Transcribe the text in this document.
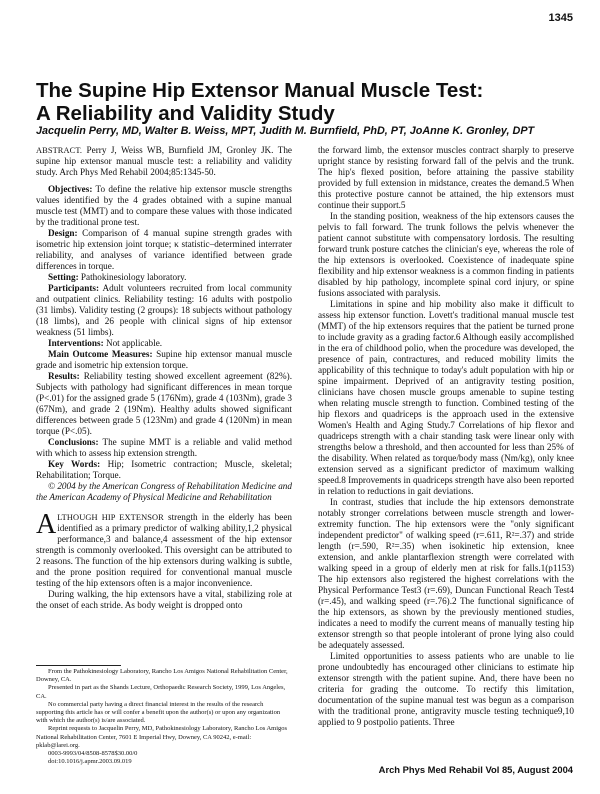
1345
The Supine Hip Extensor Manual Muscle Test:
A Reliability and Validity Study
Jacquelin Perry, MD, Walter B. Weiss, MPT, Judith M. Burnfield, PhD, PT, JoAnne K. Gronley, DPT

ABSTRACT. Perry J, Weiss WB, Burnfield JM, Gronley JK. The supine hip extensor manual muscle test: a reliability and validity study. Arch Phys Med Rehabil 2004;85:1345-50.

Objectives: To define the relative hip extensor muscle strengths values identified by the 4 grades obtained with a supine manual muscle test (MMT) and to compare these values with those indicated by the traditional prone test.

Design: Comparison of 4 manual supine strength grades with isometric hip extension joint torque; κ statistic–determined interrater reliability, and analyses of variance identified between grade differences in torque.

Setting: Pathokinesiology laboratory.

Participants: Adult volunteers recruited from local community and outpatient clinics. Reliability testing: 16 adults with postpolio (31 limbs). Validity testing (2 groups): 18 subjects without pathology (18 limbs), and 26 people with clinical signs of hip extensor weakness (51 limbs).

Interventions: Not applicable.

Main Outcome Measures: Supine hip extensor manual muscle grade and isometric hip extension torque.

Results: Reliability testing showed excellent agreement (82%). Subjects with pathology had significant differences in mean torque (P<.01) for the assigned grade 5 (176Nm), grade 4 (103Nm), grade 3 (67Nm), and grade 2 (19Nm). Healthy adults showed significant differences between grade 5 (123Nm) and grade 4 (120Nm) in mean torque (P<.05).

Conclusions: The supine MMT is a reliable and valid method with which to assess hip extension strength.

Key Words: Hip; Isometric contraction; Muscle, skeletal; Rehabilitation; Torque.

© 2004 by the American Congress of Rehabilitation Medicine and the American Academy of Physical Medicine and Rehabilitation

ALTHOUGH HIP EXTENSOR strength in the elderly has been identified as a primary predictor of walking ability,1,2 physical performance,3 and balance,4 assessment of the hip extensor strength is commonly overlooked. This oversight can be attributed to 2 reasons. The function of the hip extensors during walking is subtle, and the prone position required for conventional manual muscle testing of the hip extensors often is a major inconvenience.

During walking, the hip extensors have a vital, stabilizing role at the onset of each stride. As body weight is dropped onto

the forward limb, the extensor muscles contract sharply to preserve upright stance by resisting forward fall of the pelvis and the trunk. The hip's flexed position, before attaining the passive stability provided by full extension in midstance, creates the demand.5 When this protective posture cannot be attained, the hip extensors must continue their support.5

In the standing position, weakness of the hip extensors causes the pelvis to fall forward. The trunk follows the pelvis whenever the patient cannot substitute with compensatory lordosis. The resulting forward trunk posture catches the clinician's eye, whereas the role of the hip extensors is overlooked. Coexistence of inadequate spine flexibility and hip extensor weakness is a common finding in patients disabled by hip pathology, incomplete spinal cord injury, or spine fusions associated with paralysis.

Limitations in spine and hip mobility also make it difficult to assess hip extensor function. Lovett's traditional manual muscle test (MMT) of the hip extensors requires that the patient be turned prone to include gravity as a grading factor.6 Although easily accomplished in the era of childhood polio, when the procedure was developed, the presence of pain, contractures, and reduced mobility limits the applicability of this technique to today's adult population with hip or spine impairment. Deprived of an antigravity testing position, clinicians have chosen muscle groups amenable to supine testing when relating muscle strength to function. Combined testing of the hip flexors and quadriceps is the approach used in the extensive Women's Health and Aging Study.7 Correlations of hip flexor and quadriceps strength with a chair standing task were linear only with strengths below a threshold, and then accounted for less than 25% of the disability. When related as torque/body mass (Nm/kg), only knee extension served as a significant predictor of maximum walking speed.8 Improvements in quadriceps strength have also been reported in relation to reductions in gait deviations.

In contrast, studies that include the hip extensors demonstrate notably stronger correlations between muscle strength and lower-extremity function. The hip extensors were the "only significant independent predictor" of walking speed (r=.611, R²=.37) and stride length (r=.590, R²=.35) when isokinetic hip extension, knee extension, and ankle plantarflexion strength were correlated with walking speed in a group of elderly men at risk for falls.1(p1153) The hip extensors also registered the highest correlations with the Physical Performance Test3 (r=.69), Duncan Functional Reach Test4 (r=.45), and walking speed (r=.76).2 The functional significance of the hip extensors, as shown by the previously mentioned studies, indicates a need to modify the current means of manually testing hip extensor strength so that people intolerant of prone lying also could be adequately assessed.

Limited opportunities to assess patients who are unable to lie prone undoubtedly has encouraged other clinicians to estimate hip extensor strength with the patient supine. And, there have been no criteria for grading the outcome. To rectify this limitation, documentation of the supine manual test was begun as a comparison with the traditional prone, antigravity muscle testing technique9,10 applied to 9 postpolio patients. Three

From the Pathokinesiology Laboratory, Rancho Los Amigos National Rehabilitation Center, Downey, CA.

Presented in part as the Shands Lecture, Orthopaedic Research Society, 1999, Los Angeles, CA.

No commercial party having a direct financial interest in the results of the research supporting this article has or will confer a benefit upon the author(s) or upon any organization with which the author(s) is/are associated.

Reprint requests to Jacquelin Perry, MD, Pathokinesiology Laboratory, Rancho Los Amigos National Rehabilitation Center, 7601 E Imperial Hwy, Downey, CA 90242, e-mail: pklab@larei.org.

0003-9993/04/8508-8578$30.00/0

doi:10.1016/j.apmr.2003.09.019

Arch Phys Med Rehabil Vol 85, August 2004
